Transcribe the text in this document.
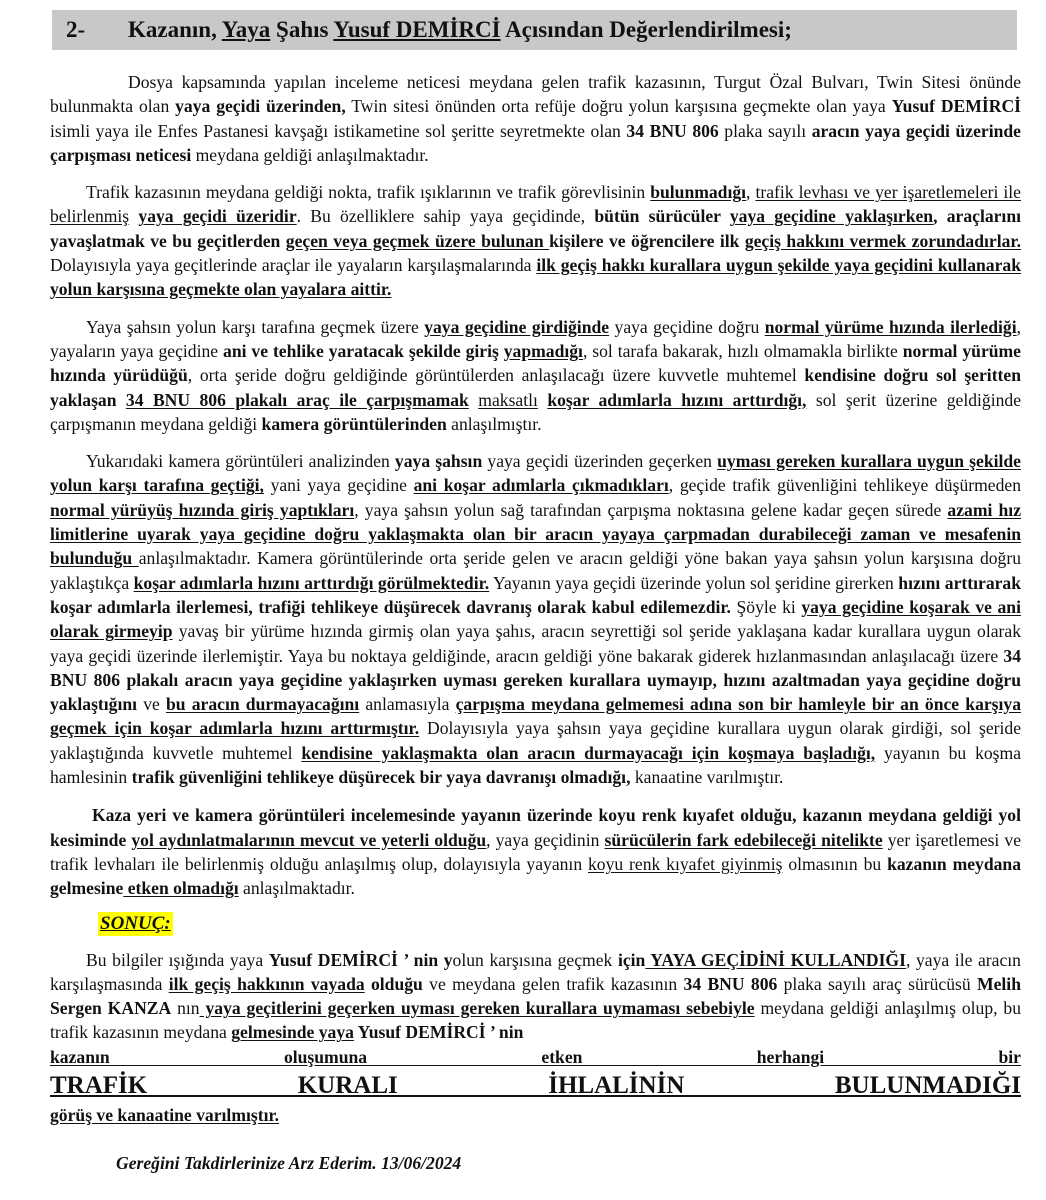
2-	Kazanın, Yaya Şahıs Yusuf DEMİRCİ Açısından Değerlendirilmesi;

Dosya kapsamında yapılan inceleme neticesi meydana gelen trafik kazasının, Turgut Özal Bulvarı, Twin Sitesi önünde bulunmakta olan yaya geçidi üzerinden, Twin sitesi önünden orta refüje doğru yolun karşısına geçmekte olan yaya Yusuf DEMİRCİ isimli yaya ile Enfes Pastanesi kavşağı istikametine sol şeritte seyretmekte olan 34 BNU 806 plaka sayılı aracın yaya geçidi üzerinde çarpışması neticesi meydana geldiği anlaşılmaktadır.

Trafik kazasının meydana geldiği nokta, trafik ışıklarının ve trafik görevlisinin bulunmadığı, trafik levhası ve yer işaretlemeleri ile belirlenmiş yaya geçidi üzeridir. Bu özelliklere sahip yaya geçidinde, bütün sürücüler yaya geçidine yaklaşırken, araçlarını yavaşlatmak ve bu geçitlerden geçen veya geçmek üzere bulunan kişilere ve öğrencilere ilk geçiş hakkını vermek zorundadırlar. Dolayısıyla yaya geçitlerinde araçlar ile yayaların karşılaşmalarında ilk geçiş hakkı kurallara uygun şekilde yaya geçidini kullanarak yolun karşısına geçmekte olan yayalara aittir.

Yaya şahsın yolun karşı tarafına geçmek üzere yaya geçidine girdiğinde yaya geçidine doğru normal yürüme hızında ilerlediği, yayaların yaya geçidine ani ve tehlike yaratacak şekilde giriş yapmadığı, sol tarafa bakarak, hızlı olmamakla birlikte normal yürüme hızında yürüdüğü, orta şeride doğru geldiğinde görüntülerden anlaşılacağı üzere kuvvetle muhtemel kendisine doğru sol şeritten yaklaşan 34 BNU 806 plakalı araç ile çarpışmamak maksatlı koşar adımlarla hızını arttırdığı, sol şerit üzerine geldiğinde çarpışmanın meydana geldiği kamera görüntülerinden anlaşılmıştır.

Yukarıdaki kamera görüntüleri analizinden yaya şahsın yaya geçidi üzerinden geçerken uyması gereken kurallara uygun şekilde yolun karşı tarafına geçtiği, yani yaya geçidine ani koşar adımlarla çıkmadıkları, geçide trafik güvenliğini tehlikeye düşürmeden normal yürüyüş hızında giriş yaptıkları, yaya şahsın yolun sağ tarafından çarpışma noktasına gelene kadar geçen sürede azami hız limitlerine uyarak yaya geçidine doğru yaklaşmakta olan bir aracın yayaya çarpmadan durabileceği zaman ve mesafenin bulunduğu anlaşılmaktadır. Kamera görüntülerinde orta şeride gelen ve aracın geldiği yöne bakan yaya şahsın yolun karşısına doğru yaklaştıkça koşar adımlarla hızını arttırdığı görülmektedir. Yayanın yaya geçidi üzerinde yolun sol şeridine girerken hızını arttırarak koşar adımlarla ilerlemesi, trafiği tehlikeye düşürecek davranış olarak kabul edilemezdir. Şöyle ki yaya geçidine koşarak ve ani olarak girmeyip yavaş bir yürüme hızında girmiş olan yaya şahıs, aracın seyrettiği sol şeride yaklaşana kadar kurallara uygun olarak yaya geçidi üzerinde ilerlemiştir. Yaya bu noktaya geldiğinde, aracın geldiği yöne bakarak giderek hızlanmasından anlaşılacağı üzere 34 BNU 806 plakalı aracın yaya geçidine yaklaşırken uyması gereken kurallara uymayıp, hızını azaltmadan yaya geçidine doğru yaklaştığını ve bu aracın durmayacağını anlamasıyla çarpışma meydana gelmemesi adına son bir hamleyle bir an önce karşıya geçmek için koşar adımlarla hızını arttırmıştır. Dolayısıyla yaya şahsın yaya geçidine kurallara uygun olarak girdiği, sol şeride yaklaştığında kuvvetle muhtemel kendisine yaklaşmakta olan aracın durmayacağı için koşmaya başladığı, yayanın bu koşma hamlesinin trafik güvenliğini tehlikeye düşürecek bir yaya davranışı olmadığı, kanaatine varılmıştır.

Kaza yeri ve kamera görüntüleri incelemesinde yayanın üzerinde koyu renk kıyafet olduğu, kazanın meydana geldiği yol kesiminde yol aydınlatmalarının mevcut ve yeterli olduğu, yaya geçidinin sürücülerin fark edebileceği nitelikte yer işaretlemesi ve trafik levhaları ile belirlenmiş olduğu anlaşılmış olup, dolayısıyla yayanın koyu renk kıyafet giyinmiş olmasının bu kazanın meydana gelmesine etken olmadığı anlaşılmaktadır.

SONUÇ:

Bu bilgiler ışığında yaya Yusuf DEMİRCİ ’ nin yolun karşısına geçmek için YAYA GEÇİDİNİ KULLANDIĞI, yaya ile aracın karşılaşmasında ilk geçiş hakkının vayada olduğu ve meydana gelen trafik kazasının 34 BNU 806 plaka sayılı araç sürücüsü Melih Sergen KANZA nın yaya geçitlerini geçerken uyması gereken kurallara uymaması sebebiyle meydana geldiği anlaşılmış olup, bu trafik kazasının meydana gelmesinde yaya Yusuf DEMİRCİ ’ nin

kazanın oluşumuna etken herhangi bir

TRAFİK KURALI İHLALİNİN BULUNMADIĞI

görüş ve kanaatine varılmıştır.

Gereğini Takdirlerinize Arz Ederim. 13/06/2024
